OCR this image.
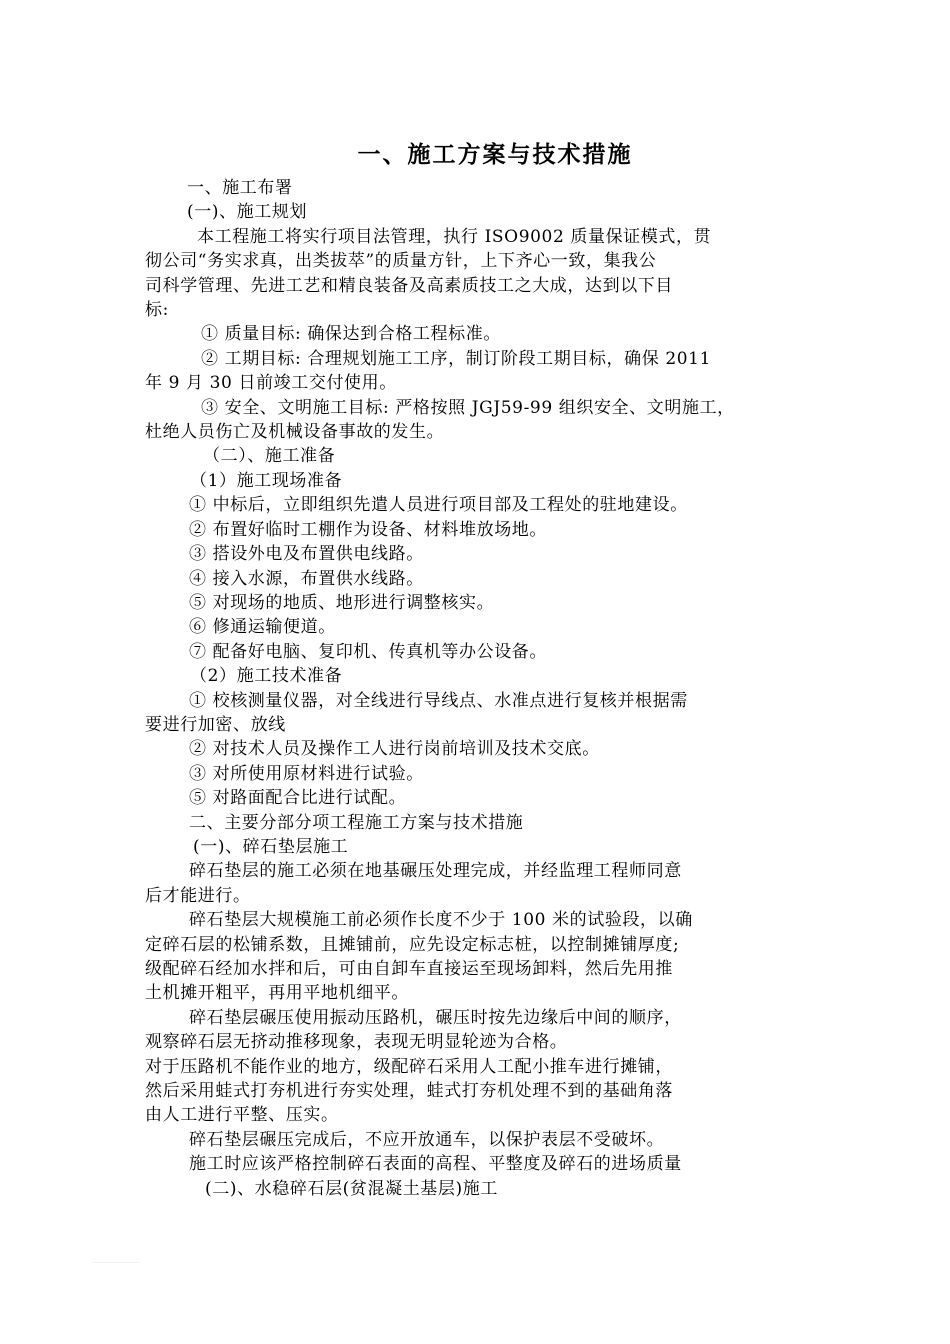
一、施工方案与技术措施
一、施工布署
(一)、施工规划
本工程施工将实行项目法管理，执行 ISO9002 质量保证模式，贯
彻公司“务实求真，出类拔萃”的质量方针，上下齐心一致，集我公
司科学管理、先进工艺和精良装备及高素质技工之大成，达到以下目
标:
① 质量目标: 确保达到合格工程标准。
② 工期目标: 合理规划施工工序，制订阶段工期目标，确保 2011
年 9 月 30 日前竣工交付使用。
③ 安全、文明施工目标: 严格按照 JGJ59-99 组织安全、文明施工，
杜绝人员伤亡及机械设备事故的发生。
（二）、施工准备
（1）施工现场准备
① 中标后，立即组织先遣人员进行项目部及工程处的驻地建设。
② 布置好临时工棚作为设备、材料堆放场地。
③ 搭设外电及布置供电线路。
④ 接入水源，布置供水线路。
⑤ 对现场的地质、地形进行调整核实。
⑥ 修通运输便道。
⑦ 配备好电脑、复印机、传真机等办公设备。
（2）施工技术准备
① 校核测量仪器，对全线进行导线点、水准点进行复核并根据需
要进行加密、放线
② 对技术人员及操作工人进行岗前培训及技术交底。
③ 对所使用原材料进行试验。
⑤ 对路面配合比进行试配。
二、主要分部分项工程施工方案与技术措施
(一)、碎石垫层施工
碎石垫层的施工必须在地基碾压处理完成，并经监理工程师同意
后才能进行。
碎石垫层大规模施工前必须作长度不少于 100 米的试验段，以确
定碎石层的松铺系数，且摊铺前，应先设定标志桩，以控制摊铺厚度;
级配碎石经加水拌和后，可由自卸车直接运至现场卸料，然后先用推
土机摊开粗平，再用平地机细平。
碎石垫层碾压使用振动压路机，碾压时按先边缘后中间的顺序，
观察碎石层无挤动推移现象，表现无明显轮迹为合格。
对于压路机不能作业的地方，级配碎石采用人工配小推车进行摊铺，
然后采用蛙式打夯机进行夯实处理，蛙式打夯机处理不到的基础角落
由人工进行平整、压实。
碎石垫层碾压完成后，不应开放通车，以保护表层不受破坏。
施工时应该严格控制碎石表面的高程、平整度及碎石的进场质量
(二)、水稳碎石层(贫混凝土基层)施工
